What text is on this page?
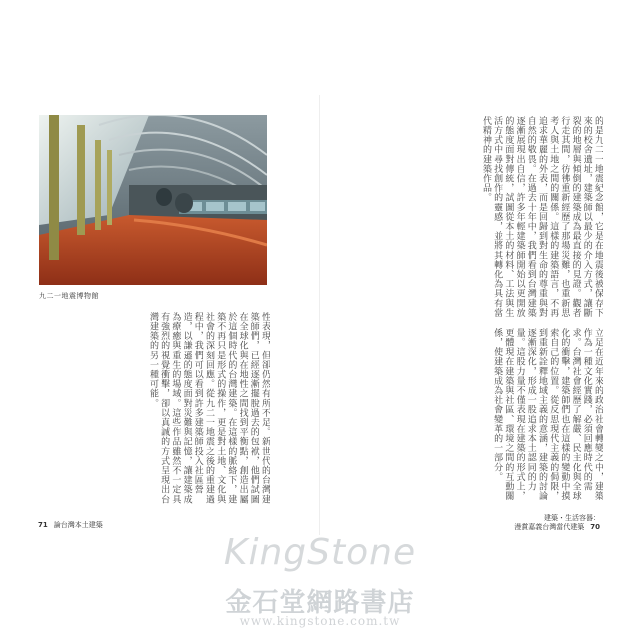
九二一地震博物館
性表現，但卻仍然有所不足。新世代的台灣建築師們，已經逐漸擺脫過去的包袱，他們試圖在全球化與在地性之間找到平衡點，創造出屬於這個時代的台灣建築。在這樣的脈絡下，建築不再只是形式的操作，更是對土地、文化與社會的深刻回應。從九二一地震之後的重建過程中，我們可以看到許多建築師投入社區營造，以謙遜的態度面對災難與記憶，讓建築成為療癒與重生的場域。這些作品雖然不一定具有強烈的視覺衝擊，卻以真誠的方式呈現出台灣建築的另一種可能。
71 論台灣本土建築
的是九二一地震紀念館，它是在地震後被保存下來的校舍遺址，建築師以最少的介入方式，讓斷裂的地層與傾倒的建築成為最直接的見證。觀者行走其間，彷彿重新經歷了那場災難，也重新思考人與土地之間的關係。這樣的建築語言，不再追求華麗的外表，而是回歸到對生命的尊重與對自然的敬畏。在過去十年中，我們看到台灣建築逐漸展現出自信，許多年輕建築師開始以更開放的態度面對傳統，試圖從本土的材料、工法與生活方式中尋找創作的靈感，並將其轉化為具有當代精神的建築作品。
立足在近年來的政治社會轉變之中，建築作為一種文化實踐，必須回應時代的需求。台灣社會經歷了解嚴、民主化與全球化的衝擊，建築師們也在這樣的變動中摸索自己的位置。從反思現代主義的侷限，到重新詮釋地域主義的意涵，建築的討論逐漸深化，形成一股追求本土認同的力量。這股力量不僅表現在建築的形式上，更體現在建築與社區、環境之間的互動關係，使建築成為社會變革的一部分。
建築・生活容器：
漫賞嘉義台灣當代建築 70
KingStone
金石堂網路書店
www.kingstone.com.tw
